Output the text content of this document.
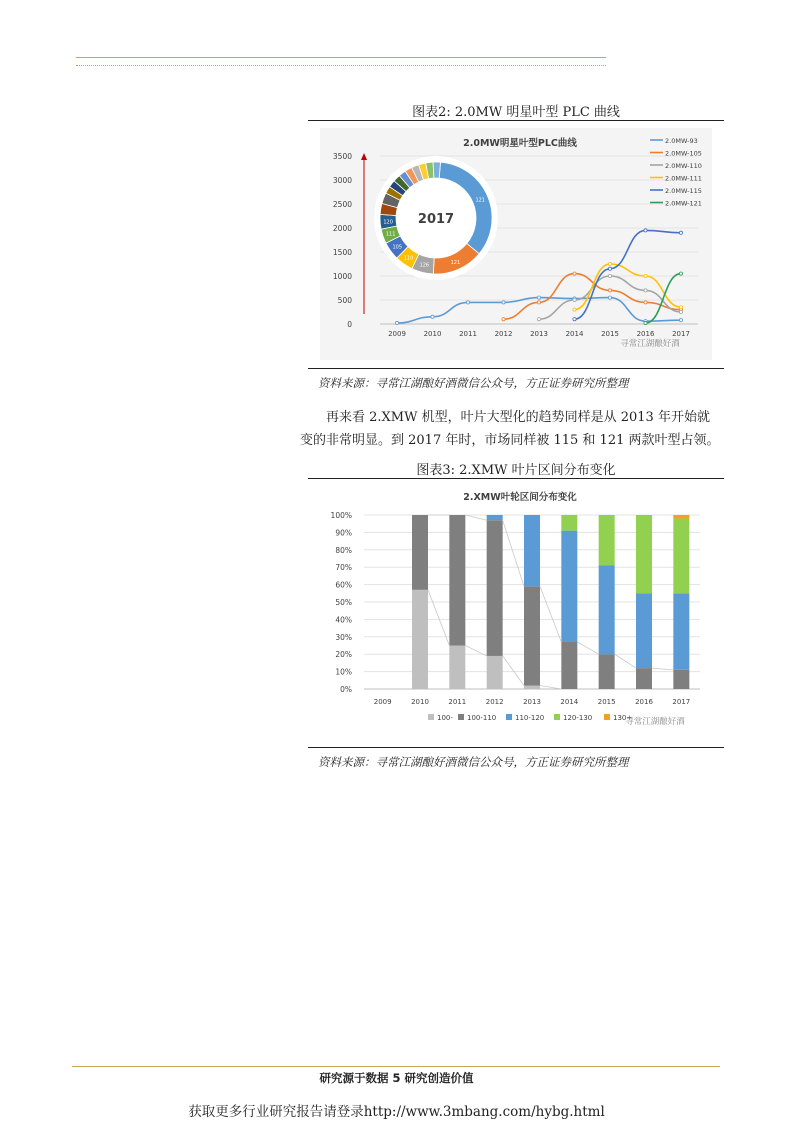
图表2: 2.0MW 明星叶型 PLC 曲线
2.0MW明星叶型PLC曲线
0
500
1000
1500
2000
2500
3000
3500
2009	2010	2011	2012	2013	2014	2015	2016	2017
121
121
126
110
105
111
120 2017
2.0MW-93
2.0MW-105
2.0MW-110
2.0MW-111
2.0MW-115
2.0MW-121
寻常江湖酿好酒
资料来源：寻常江湖酿好酒微信公众号，方正证券研究所整理
再来看 2.XMW 机型，叶片大型化的趋势同样是从 2013 年开始就
变的非常明显。到 2017 年时，市场同样被 115 和 121 两款叶型占领。
图表3: 2.XMW 叶片区间分布变化
2.XMW叶轮区间分布变化
0%
10%
20%
30%
40%
50%
60%
70%
80%
90%
100%
2009	2010	2011	2012	2013	2014	2015	2016	2017
100- 100-110	110-120	120-130	130+
寻常江湖酿好酒
资料来源：寻常江湖酿好酒微信公众号，方正证券研究所整理
研究源于数据 5 研究创造价值
获取更多行业研究报告请登录http://www.3mbang.com/hybg.html
